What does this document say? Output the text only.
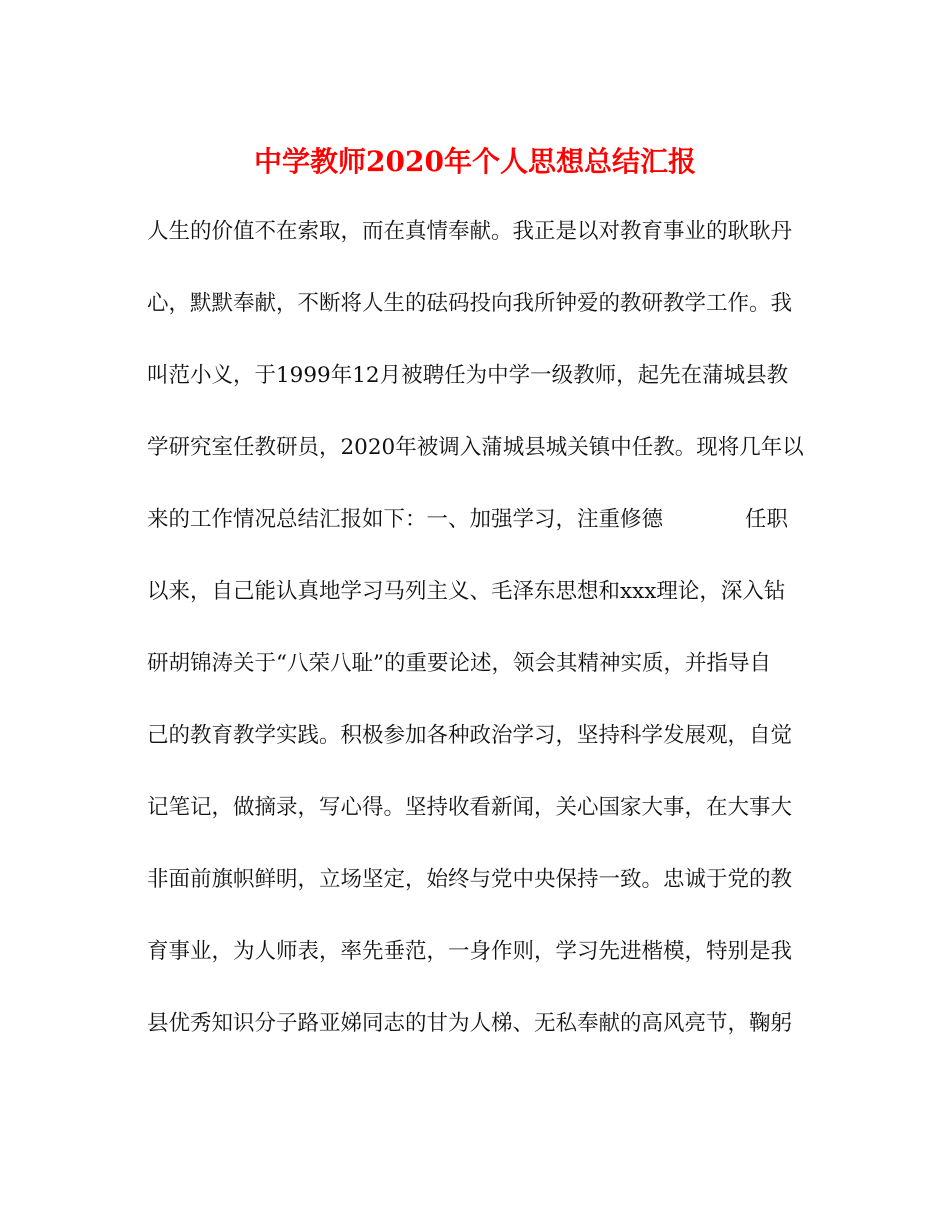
中学教师2020年个人思想总结汇报
人生的价值不在索取，而在真情奉献。我正是以对教育事业的耿耿丹
心，默默奉献，不断将人生的砝码投向我所钟爱的教研教学工作。我
叫范小义，于1999年12月被聘任为中学一级教师，起先在蒲城县教
学研究室任教研员，2020年被调入蒲城县城关镇中任教。现将几年以
来的工作情况总结汇报如下：一、加强学习，注重修德            任职
以来，自己能认真地学习马列主义、毛泽东思想和xxx理论，深入钻
研胡锦涛关于“八荣八耻”的重要论述，领会其精神实质，并指导自
己的教育教学实践。积极参加各种政治学习，坚持科学发展观，自觉
记笔记，做摘录，写心得。坚持收看新闻，关心国家大事，在大事大
非面前旗帜鲜明，立场坚定，始终与党中央保持一致。忠诚于党的教
育事业，为人师表，率先垂范，一身作则，学习先进楷模，特别是我
县优秀知识分子路亚娣同志的甘为人梯、无私奉献的高风亮节，鞠躬
